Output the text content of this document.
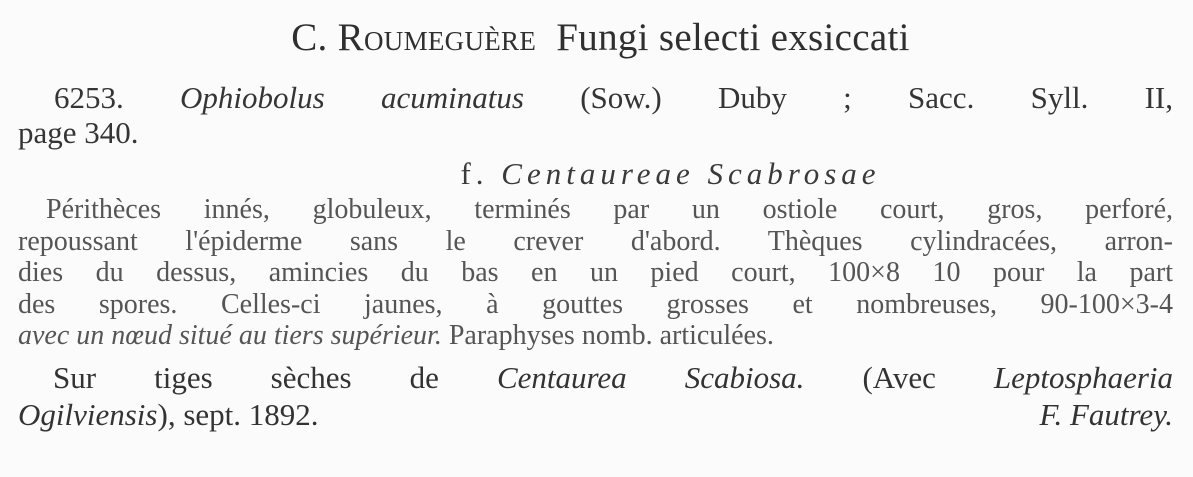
C. Roumeguère Fungi selecti exsiccati
6253. Ophiobolus acuminatus (Sow.) Duby ; Sacc. Syll. II,
page 340.
f. Centaureae Scabrosae
Périthèces innés, globuleux, terminés par un ostiole court, gros, perforé,
repoussant l'épiderme sans le crever d'abord. Thèques cylindracées, arron-
dies du dessus, amincies du bas en un pied court, 100×8 10 pour la part
des spores. Celles-ci jaunes, à gouttes grosses et nombreuses, 90-100×3-4
avec un nœud situé au tiers supérieur. Paraphyses nomb. articulées.
Sur tiges sèches de Centaurea Scabiosa. (Avec Leptosphaeria
Ogilviensis), sept. 1892.	F. Fautrey.
